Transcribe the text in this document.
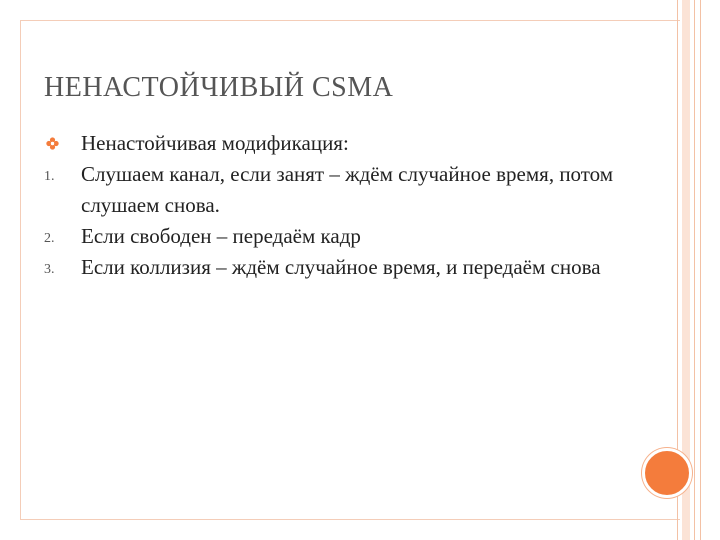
НЕНАСТОЙЧИВЫЙ CSMA
Ненастойчивая модификация:
1. Слушаем канал, если занят – ждём случайное время, потом слушаем снова.
2. Если свободен – передаём кадр
3. Если коллизия – ждём случайное время, и передаём снова
